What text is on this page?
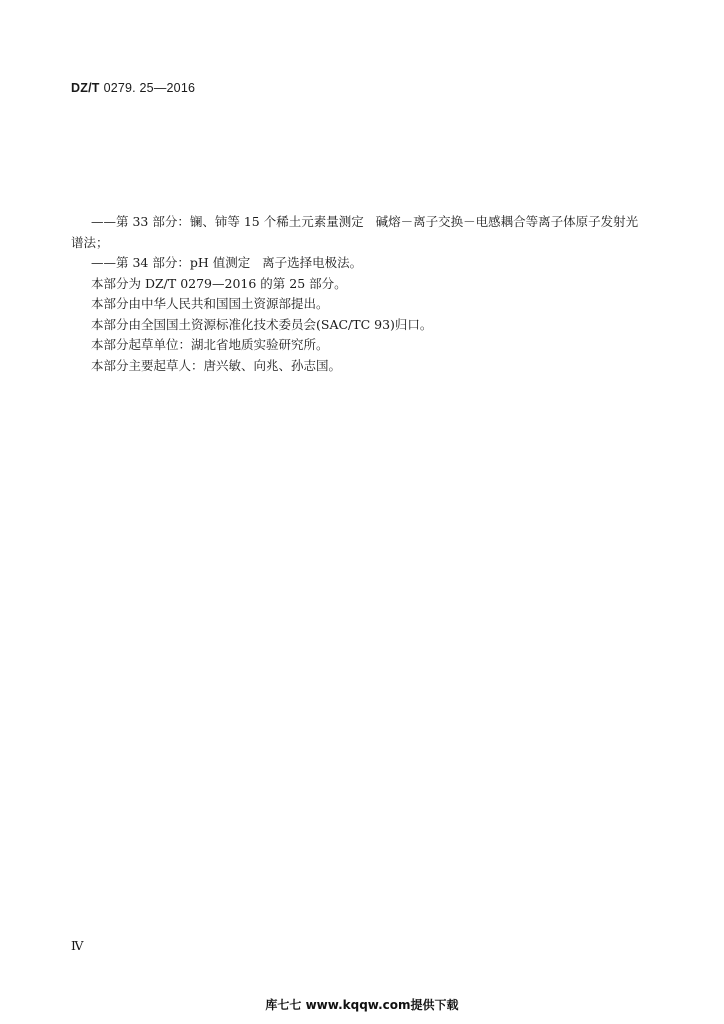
DZ/T 0279. 25—2016

——第 33 部分：镧、铈等 15 个稀土元素量测定   碱熔－离子交换－电感耦合等离子体原子发射光

谱法；

——第 34 部分：pH 值测定   离子选择电极法。

本部分为 DZ/T 0279—2016 的第 25 部分。

本部分由中华人民共和国国土资源部提出。

本部分由全国国土资源标准化技术委员会(SAC/TC 93)归口。

本部分起草单位：湖北省地质实验研究所。

本部分主要起草人：唐兴敏、向兆、孙志国。

Ⅳ
库七七 www.kqqw.com提供下载
